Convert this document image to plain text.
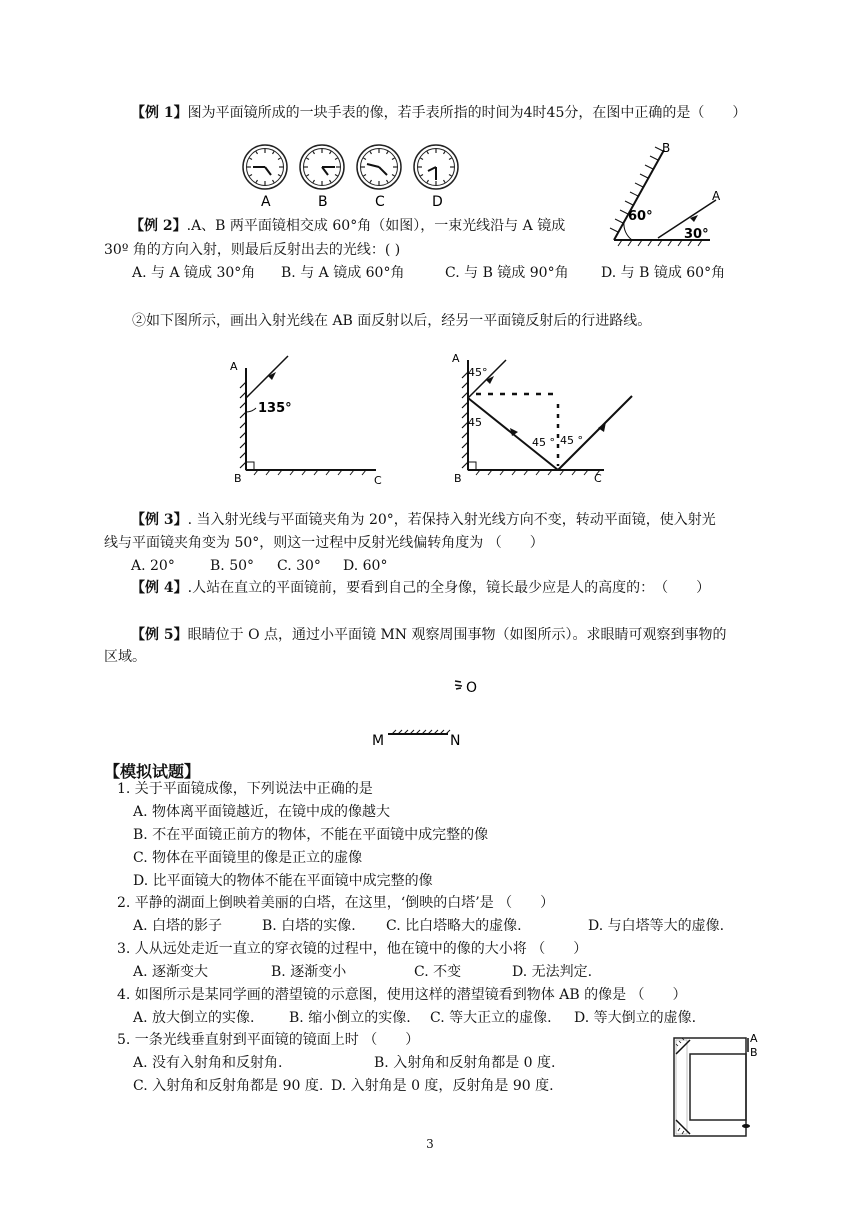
【例 1】图为平面镜所成的一块手表的像，若手表所指的时间为4时45分，在图中正确的是（　　）
A	B	C	D
60°
30°
B
A
【例 2】.A、B 两平面镜相交成 60°角（如图），一束光线沿与 A 镜成
30º 角的方向入射，则最后反射出去的光线：( )
A. 与 A 镜成 30°角 B. 与 A 镜成 60°角	C. 与 B 镜成 90°角 D. 与 B 镜成 60°角
②如下图所示，画出入射光线在 AB 面反射以后，经另一平面镜反射后的行进路线。
135°
A
B	C
45°
45
45 ° 45 °
A
B	C
【例 3】. 当入射光线与平面镜夹角为 20°，若保持入射光线方向不变，转动平面镜，使入射光
线与平面镜夹角变为 50°，则这一过程中反射光线偏转角度为 （　　）
A. 20°	B. 50° C. 30° D. 60°
【例 4】.人站在直立的平面镜前，要看到自己的全身像，镜长最少应是人的高度的：　（　　）
【例 5】眼睛位于 O 点，通过小平面镜 MN 观察周围事物（如图所示）。求眼睛可观察到事物的
区域。
O
M	N
【模拟试题】
1. 关于平面镜成像，下列说法中正确的是
A. 物体离平面镜越近，在镜中成的像越大
B. 不在平面镜正前方的物体，不能在平面镜中成完整的像
C. 物体在平面镜里的像是正立的虚像
D. 比平面镜大的物体不能在平面镜中成完整的像
2. 平静的湖面上倒映着美丽的白塔，在这里，‘倒映的白塔’是 （　　）
A. 白塔的影子	B. 白塔的实像. C. 比白塔略大的虚像.	D. 与白塔等大的虚像.
3. 人从远处走近一直立的穿衣镜的过程中，他在镜中的像的大小将 （　　）
A. 逐渐变大	B. 逐渐变小	C. 不变	D. 无法判定.
4. 如图所示是某同学画的潜望镜的示意图，使用这样的潜望镜看到物体 AB 的像是 （　　）
A. 放大倒立的实像. B. 缩小倒立的实像. C. 等大正立的虚像. D. 等大倒立的虚像.
5. 一条光线垂直射到平面镜的镜面上时 （　　）
A. 没有入射角和反射角.	B. 入射角和反射角都是 0 度.
C. 入射角和反射角都是 90 度. D. 入射角是 0 度，反射角是 90 度.
A
B
3
